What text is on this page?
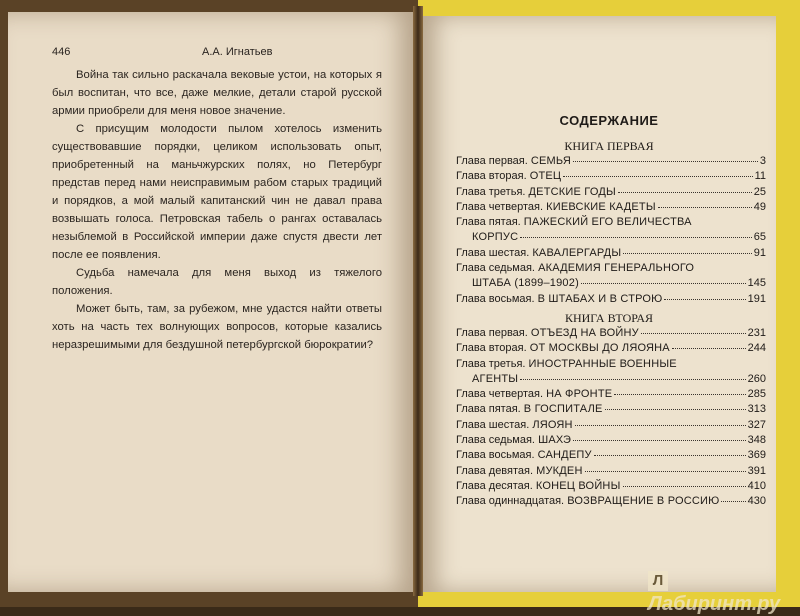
446	А.А. Игнатьев

Война так сильно раскачала вековые устои, на которых я был воспитан, что все, даже мелкие, детали старой русской армии приобрели для меня новое значение.

С присущим молодости пылом хотелось изменить существовавшие порядки, целиком использовать опыт, приобретенный на маньчжурских полях, но Петербург представ перед нами неисправимым рабом старых традиций и порядков, а мой малый капитанский чин не давал права возвышать голоса. Петровская табель о рангах оставалась незыблемой в Российской империи даже спустя двести лет после ее появления.

Судьба намечала для меня выход из тяжелого положения.

Может быть, там, за рубежом, мне удастся найти ответы хоть на часть тех волнующих вопросов, которые казались неразрешимыми для бездушной петербургской бюрократии?

СОДЕРЖАНИЕ
КНИГА ПЕРВАЯ
Глава первая. СЕМЬЯ	3
Глава вторая. ОТЕЦ	11
Глава третья. ДЕТСКИЕ ГОДЫ	25
Глава четвертая. КИЕВСКИЕ КАДЕТЫ	49
Глава пятая. ПАЖЕСКИЙ ЕГО ВЕЛИЧЕСТВА
КОРПУС	65
Глава шестая. КАВАЛЕРГАРДЫ	91
Глава седьмая. АКАДЕМИЯ ГЕНЕРАЛЬНОГО
ШТАБА (1899–1902)	145
Глава восьмая. В ШТАБАХ И В СТРОЮ	191
КНИГА ВТОРАЯ
Глава первая. ОТЪЕЗД НА ВОЙНУ	231
Глава вторая. ОТ МОСКВЫ ДО ЛЯОЯНА	244
Глава третья. ИНОСТРАННЫЕ ВОЕННЫЕ
АГЕНТЫ	260
Глава четвертая. НА ФРОНТЕ	285
Глава пятая. В ГОСПИТАЛЕ	313
Глава шестая. ЛЯОЯН	327
Глава седьмая. ШАХЭ	348
Глава восьмая. САНДЕПУ	369
Глава девятая. МУКДЕН	391
Глава десятая. КОНЕЦ ВОЙНЫ	410
Глава одиннадцатая. ВОЗВРАЩЕНИЕ В РОССИЮ	430
ЛЛабиринт.ру
